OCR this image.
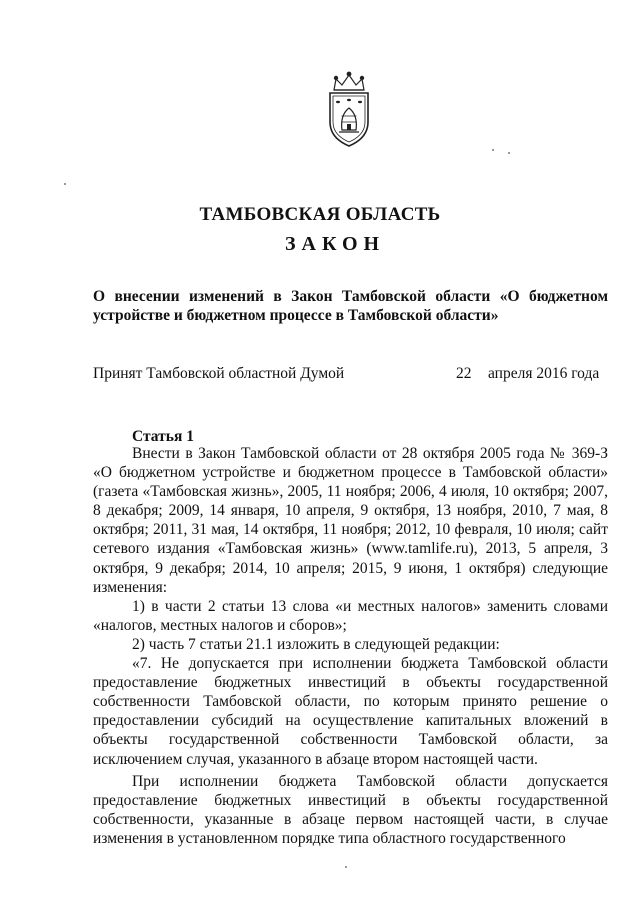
ТАМБОВСКАЯ ОБЛАСТЬ
ЗАКОН
О внесении изменений в Закон Тамбовской области «О бюджетном устройстве и бюджетном процессе в Тамбовской области»
Принят Тамбовской областной Думой	22 апреля 2016 года
Статья 1

Внести в Закон Тамбовской области от 28 октября 2005 года № 369-З «О бюджетном устройстве и бюджетном процессе в Тамбовской области» (газета «Тамбовская жизнь», 2005, 11 ноября; 2006, 4 июля, 10 октября; 2007, 8 декабря; 2009, 14 января, 10 апреля, 9 октября, 13 ноября, 2010, 7 мая, 8 октября; 2011, 31 мая, 14 октября, 11 ноября; 2012, 10 февраля, 10 июля; сайт сетевого издания «Тамбовская жизнь» (www.tamlife.ru), 2013, 5 апреля, 3 октября, 9 декабря; 2014, 10 апреля; 2015, 9 июня, 1 октября) следующие изменения:

1) в части 2 статьи 13 слова «и местных налогов» заменить словами «налогов, местных налогов и сборов»;

2) часть 7 статьи 21.1 изложить в следующей редакции:

«7. Не допускается при исполнении бюджета Тамбовской области предоставление бюджетных инвестиций в объекты государственной собственности Тамбовской области, по которым принято решение о предоставлении субсидий на осуществление капитальных вложений в объекты государственной собственности Тамбовской области, за исключением случая, указанного в абзаце втором настоящей части.

При исполнении бюджета Тамбовской области допускается предоставление бюджетных инвестиций в объекты государственной собственности, указанные в абзаце первом настоящей части, в случае изменения в установленном порядке типа областного государственного
